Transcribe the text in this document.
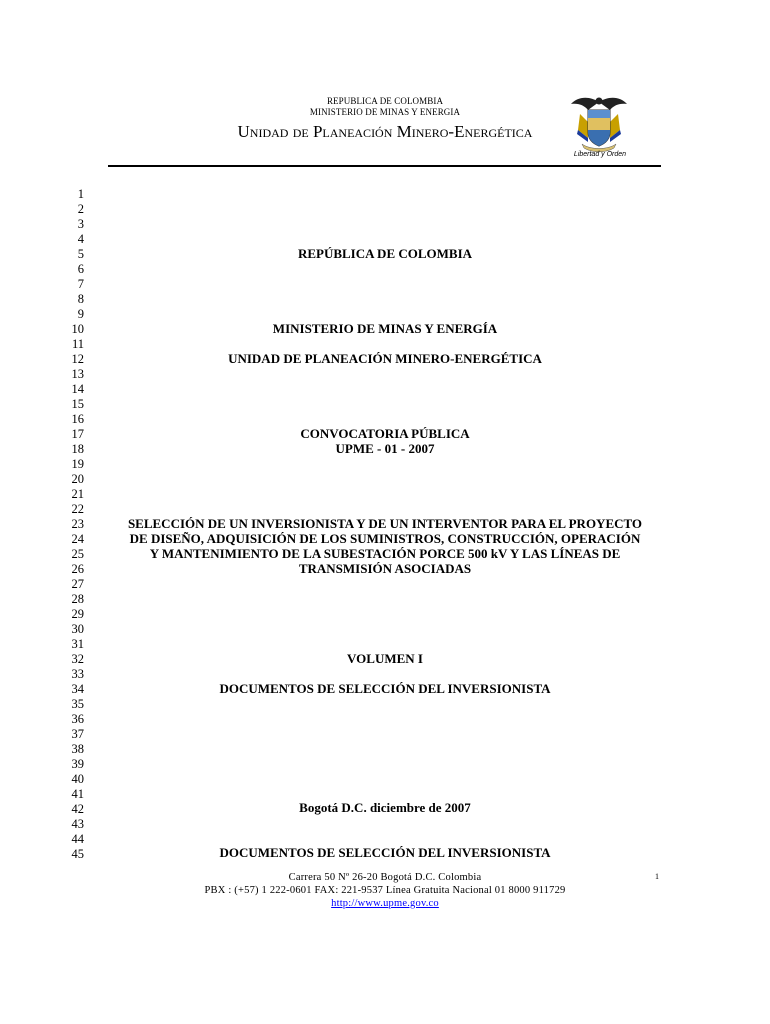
REPUBLICA DE COLOMBIA
MINISTERIO DE MINAS Y ENERGIA
Unidad de Planeación Minero-Energética
Libertad y Orden
1
2
3
4
5
6
7
8
9
10
11
12
13
14
15
16
17
18
19
20
21
22
23
24
25
26
27
28
29
30
31
32
33
34
35
36
37
38
39
40
41
42
43
44
45
REPÚBLICA DE COLOMBIA
MINISTERIO DE MINAS Y ENERGÍA
UNIDAD DE PLANEACIÓN MINERO-ENERGÉTICA
CONVOCATORIA PÚBLICA
UPME - 01 - 2007
SELECCIÓN DE UN INVERSIONISTA Y DE UN INTERVENTOR PARA EL PROYECTO
DE DISEÑO, ADQUISICIÓN DE LOS SUMINISTROS, CONSTRUCCIÓN, OPERACIÓN
Y MANTENIMIENTO DE LA SUBESTACIÓN PORCE 500 kV Y LAS LÍNEAS DE
TRANSMISIÓN ASOCIADAS
VOLUMEN I
DOCUMENTOS DE SELECCIÓN DEL INVERSIONISTA
Bogotá D.C. diciembre de 2007
DOCUMENTOS DE SELECCIÓN DEL INVERSIONISTA
Carrera 50 Nº 26-20 Bogotá D.C. Colombia
PBX : (+57) 1 222-0601 FAX: 221-9537 Línea Gratuita Nacional 01 8000 911729
http://www.upme.gov.co
1
